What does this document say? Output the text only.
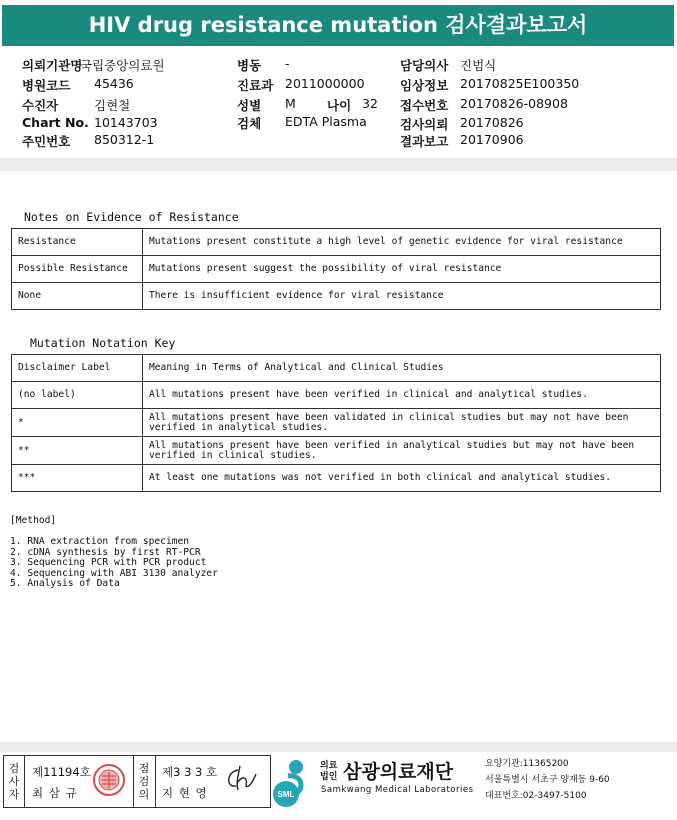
HIV drug resistance mutation 검사결과보고서
의뢰기관명
국립중앙의료원
병원코드 45436
수진자	김현철
Chart No. 10143703
주민번호 850312-1
병동 -
진료과 2011000000
성별 M 나이 32
검체 EDTA Plasma
담당의사 진범식
임상정보 20170825E100350
접수번호 20170826-08908
검사의뢰 20170826
결과보고 20170906
Notes on Evidence of Resistance
Resistance	Mutations present constitute a high level of genetic evidence for viral resistance
Possible Resistance	Mutations present suggest the possibility of viral resistance
None	There is insufficient evidence for viral resistance
Mutation Notation Key
Disclaimer Label	Meaning in Terms of Analytical and Clinical Studies
(no label)	All mutations present have been verified in clinical and analytical studies.
*	All mutations present have been validated in clinical studies but may not have been verified in analytical studies.
**	All mutations present have been verified in analytical studies but may not have been verified in clinical studies.
***	At least one mutations was not verified in both clinical and analytical studies.
[Method]
1. RNA extraction from specimen
2. cDNA synthesis by first RT-PCR
3. Sequencing PCR with PCR product
4. Sequencing with ABI 3130 analyzer
5. Analysis of Data
검사자
제11194호
최 삼 규
점검의
제3 3 3 호
지 현 영	SML
의료법인 삼광의료재단
Samkwang Medical Laboratories
요양기관:11365200
서울특별시 서초구 양재동 9-60
대표번호:02-3497-5100
